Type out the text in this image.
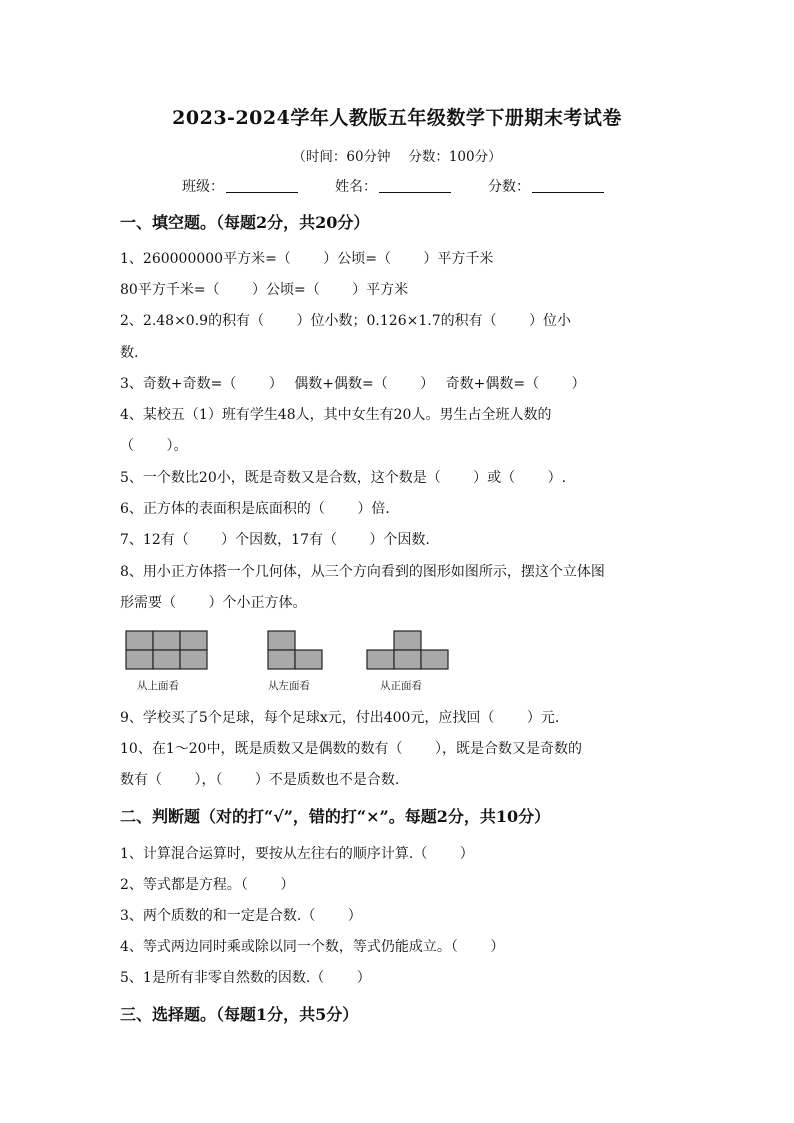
2023-2024学年人教版五年级数学下册期末考试卷
（时间：60分钟　 分数：100分）
班级：	姓名：	分数：
一、填空题。（每题2分，共20分）
1、260000000平方米=（　　 ）公顷=（　　 ）平方千米
80平方千米=（　　 ）公顷=（　　 ）平方米
2、2.48×0.9的积有（　　 ）位小数；0.126×1.7的积有（　　 ）位小
数.
3、奇数+奇数=（　　 ）　 偶数+偶数=（　　 ）　 奇数+偶数=（　　 ）
4、某校五（1）班有学生48人，其中女生有20人。男生占全班人数的
（　　 ）。
5、一个数比20小，既是奇数又是合数，这个数是（　　 ）或（　　 ）.
6、正方体的表面积是底面积的（　　 ）倍.
7、12有（　　 ）个因数，17有（　　 ）个因数.
8、用小正方体搭一个几何体，从三个方向看到的图形如图所示，摆这个立体图
形需要（　　 ）个小正方体。
从上面看	从左面看	从正面看
9、学校买了5个足球，每个足球x元，付出400元，应找回（　　 ）元.
10、在1～20中，既是质数又是偶数的数有（　　 ），既是合数又是奇数的
数有（　　 ），（　　 ）不是质数也不是合数.
二、判断题（对的打“√”，错的打“×”。每题2分，共10分）
1、计算混合运算时，要按从左往右的顺序计算.（　　 ）
2、等式都是方程。（　　 ）
3、两个质数的和一定是合数.（　　 ）
4、等式两边同时乘或除以同一个数，等式仍能成立。（　　 ）
5、1是所有非零自然数的因数.（　　 ）
三、选择题。（每题1分，共5分）
